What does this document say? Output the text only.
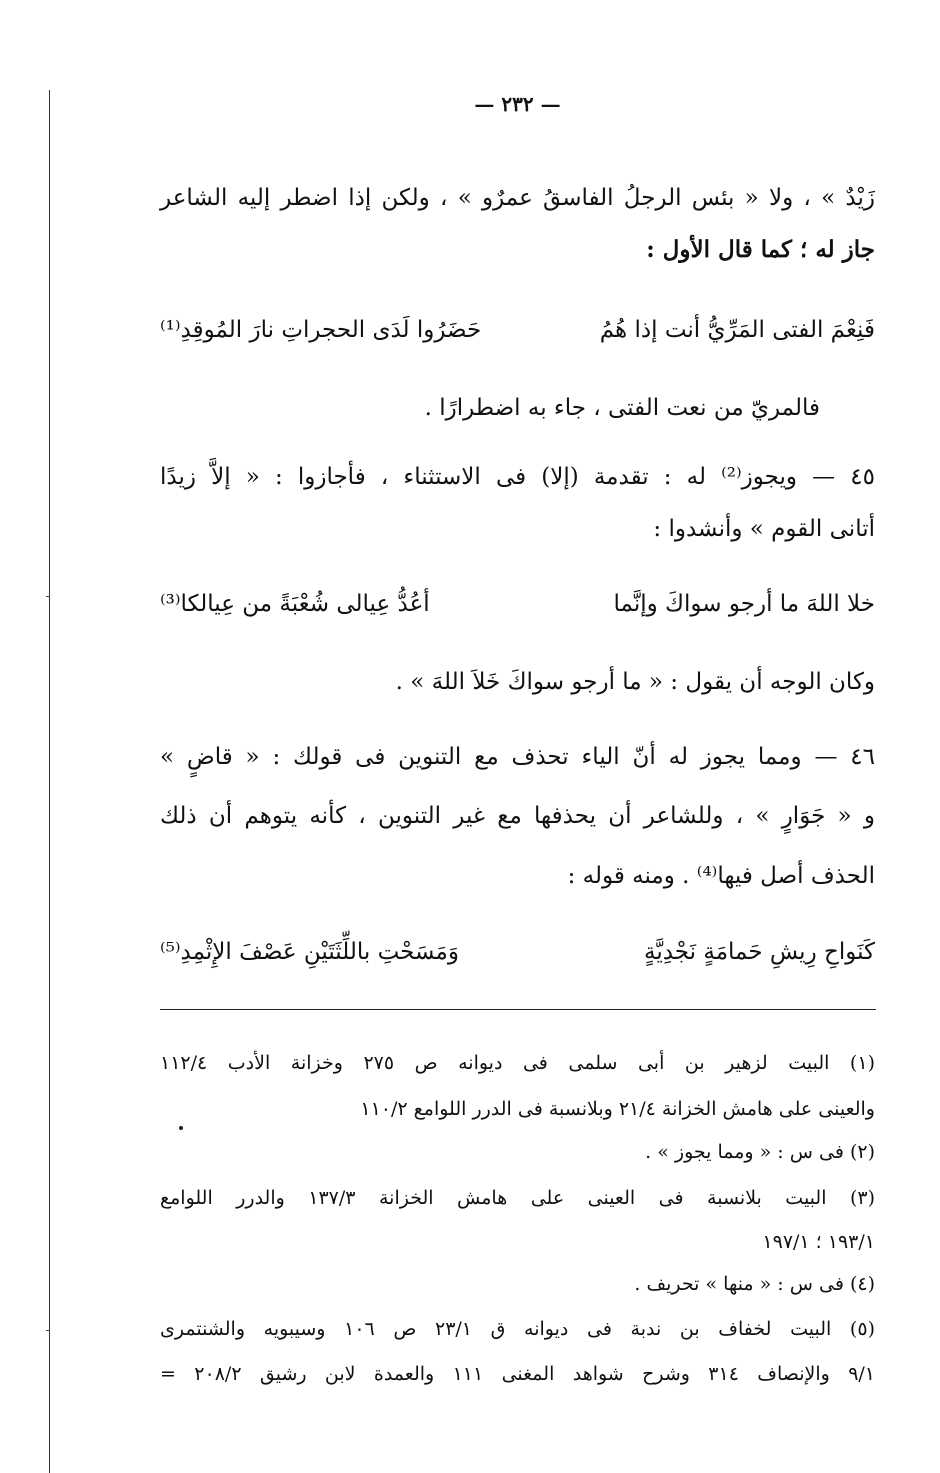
— ٢٣٢ —
زَيْدٌ » ، ولا « بئس الرجلُ الفاسقُ عمرٌو » ، ولكن إذا اضطر إليه الشاعر
جاز له ؛ كما قال الأول :
فَنِعْمَ الفتى المَرِّيُّ أنت إذا هُمُ
حَضَرُوا لَدَى الحجراتِ نارَ المُوقِدِ⁽¹⁾
فالمريّ من نعت الفتى ، جاء به اضطرارًا .
٤٥ — ويجوز⁽²⁾ له : تقدمة (إلا) فى الاستثناء ، فأجازوا : « إلاَّ زيدًا
أتانى القوم » وأنشدوا :
خلا اللهَ ما أرجو سواكَ وإنَّما
أعُدُّ عِيالى شُعْبَةً من عِيالكا⁽³⁾
وكان الوجه أن يقول : « ما أرجو سواكَ خَلاَ اللهَ » .
٤٦ — ومما يجوز له أنّ الياء تحذف مع التنوين فى قولك : « قاضٍ »
و « جَوَارٍ » ، وللشاعر أن يحذفها مع غير التنوين ، كأنه يتوهم أن ذلك
الحذف أصل فيها⁽⁴⁾ . ومنه قوله :
كَنَواحِ رِيشِ حَمامَةٍ نَجْدِيَّةٍ
وَمَسَحْتِ باللِّثَتَيْنِ عَصْفَ الإِثْمِدِ⁽⁵⁾
(١) البيت لزهير بن أبى سلمى فى ديوانه ص ٢٧٥ وخزانة الأدب ١١٢/٤
والعينى على هامش الخزانة ٢١/٤ وبلانسبة فى الدرر اللوامع ١١٠/٢
(٢) فى س : « ومما يجوز » .
(٣) البيت بلانسبة فى العينى على هامش الخزانة ١٣٧/٣ والدرر اللوامع
١٩٣/١ ؛ ١٩٧/١
(٤) فى س : « منها » تحريف .
(٥) البيت لخفاف بن ندبة فى ديوانه ق ٢٣/١ ص ١٠٦ وسيبويه والشنتمرى
٩/١ والإنصاف ٣١٤ وشرح شواهد المغنى ١١١ والعمدة لابن رشيق ٢٠٨/٢ =
